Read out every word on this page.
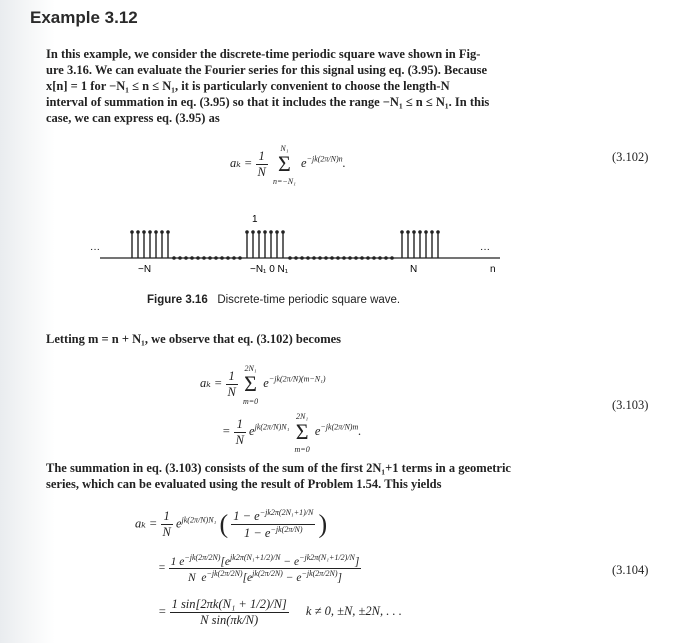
Example 3.12
In this example, we consider the discrete-time periodic square wave shown in Fig-
ure 3.16. We can evaluate the Fourier series for this signal using eq. (3.95). Because
x[n] = 1 for −N₁ ≤ n ≤ N₁, it is particularly convenient to choose the length-N
interval of summation in eq. (3.95) so that it includes the range −N₁ ≤ n ≤ N₁. In this
case, we can express eq. (3.95) as
$a_k = \frac{1}{N} N_1$
Σ
n=−N₁ $e^{-jk(2\pi/N)n}$.	(3.102)
···	···
1
−N	−N₁ 0 N₁	N	n
Figure 3.16 Discrete-time periodic square wave.
Letting m = n + N₁, we observe that eq. (3.102) becomes
$a_k = \frac{1}{N} 2N_1$
Σ
m=0 $e^{-jk(2\pi/N)(m-N_1)}$
= $\frac{1}{N} e^{jk(2\pi/N)N_1}$ 2N₁
Σ
m=0 $e^{-jk(2\pi/N)m}$.
(3.103)
The summation in eq. (3.103) consists of the sum of the first 2N₁+1 terms in a geometric
series, which can be evaluated using the result of Problem 1.54. This yields
$a_k = \frac{1}{N} e^{jk(2\pi/N)N_1}$ ( $\frac{1 - e^{-jk2\pi(2N_1+1)/N}}{1 - e^{-jk(2\pi/N)}}$ )
= $\frac{1 e^{-jk(2\pi/2N)}[e^{jk2\pi(N_1+1/2)/N} - e^{-jk2\pi(N_1+1/2)/N}]}{N e^{-jk(2\pi/2N)}[e^{jk(2\pi/2N)} - e^{-jk(2\pi/2N)}]}$	(3.104)
= $\frac{\text{1 sin[2πk(N₁ + 1/2)/N]}}{\text{N sin(πk/N)}}$ k ≠ 0, ±N, ±2N, . . .
